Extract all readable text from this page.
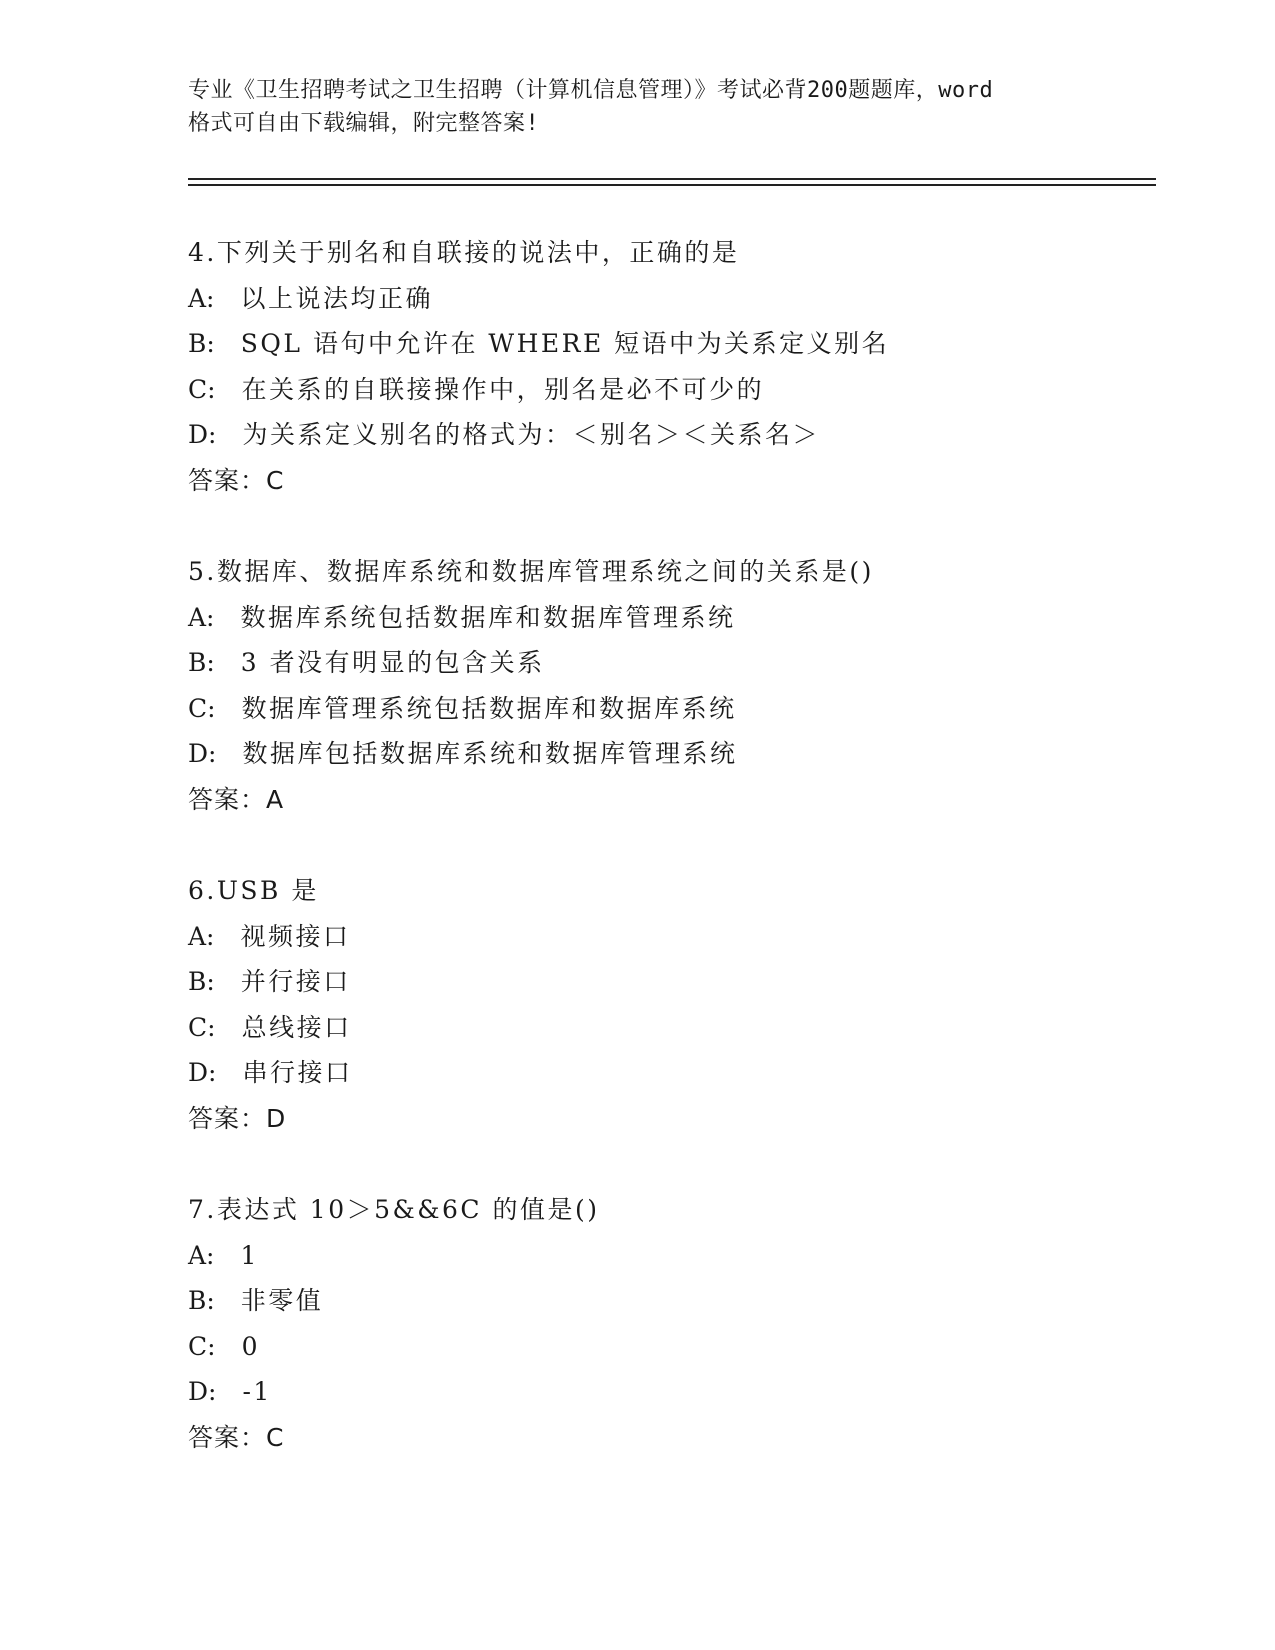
专业《卫生招聘考试之卫生招聘（计算机信息管理）》考试必背200题题库，word
格式可自由下载编辑，附完整答案!
4.下列关于别名和自联接的说法中，正确的是
A: 以上说法均正确
B: SQL 语句中允许在 WHERE 短语中为关系定义别名
C: 在关系的自联接操作中，别名是必不可少的
D: 为关系定义别名的格式为：＜别名＞＜关系名＞
答案：C
5.数据库、数据库系统和数据库管理系统之间的关系是()
A: 数据库系统包括数据库和数据库管理系统
B: 3 者没有明显的包含关系
C: 数据库管理系统包括数据库和数据库系统
D: 数据库包括数据库系统和数据库管理系统
答案：A
6.USB 是
A: 视频接口
B: 并行接口
C: 总线接口
D: 串行接口
答案：D
7.表达式 10＞5&&6C 的值是()
A: 1
B: 非零值
C: 0
D: -1
答案：C
